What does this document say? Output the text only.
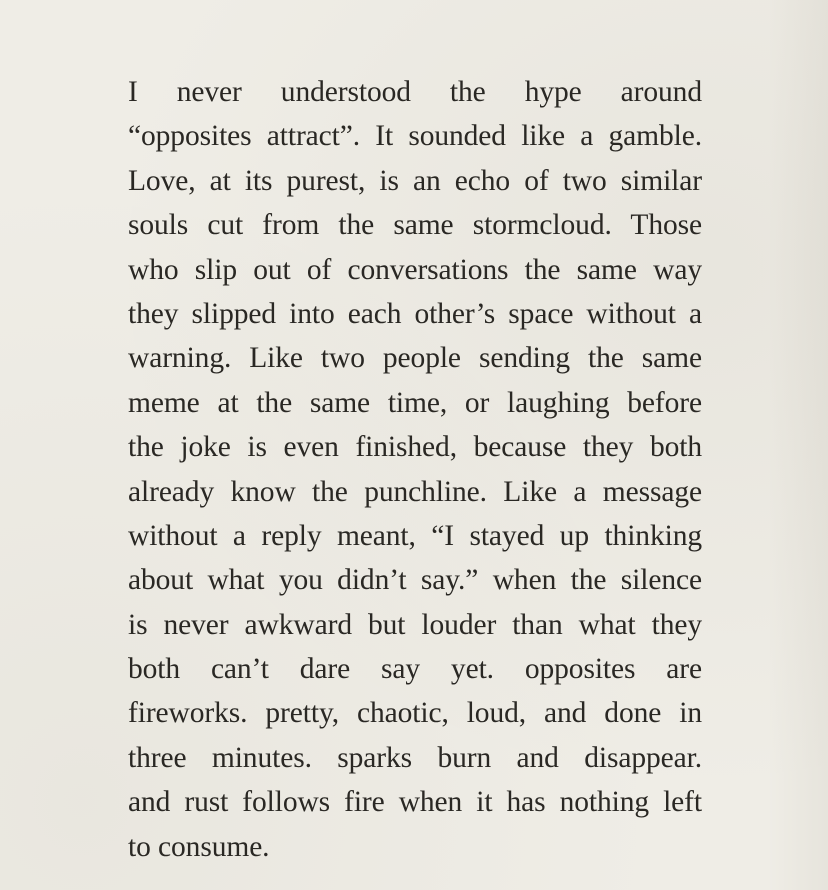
I never understood the hype around
“opposites attract”. It sounded like a gamble.
Love, at its purest, is an echo of two similar
souls cut from the same stormcloud. Those
who slip out of conversations the same way
they slipped into each other’s space without a
warning. Like two people sending the same
meme at the same time, or laughing before
the joke is even finished, because they both
already know the punchline. Like a message
without a reply meant, “I stayed up thinking
about what you didn’t say.” when the silence
is never awkward but louder than what they
both can’t dare say yet. opposites are
fireworks. pretty, chaotic, loud, and done in
three minutes. sparks burn and disappear.
and rust follows fire when it has nothing left
to consume.
